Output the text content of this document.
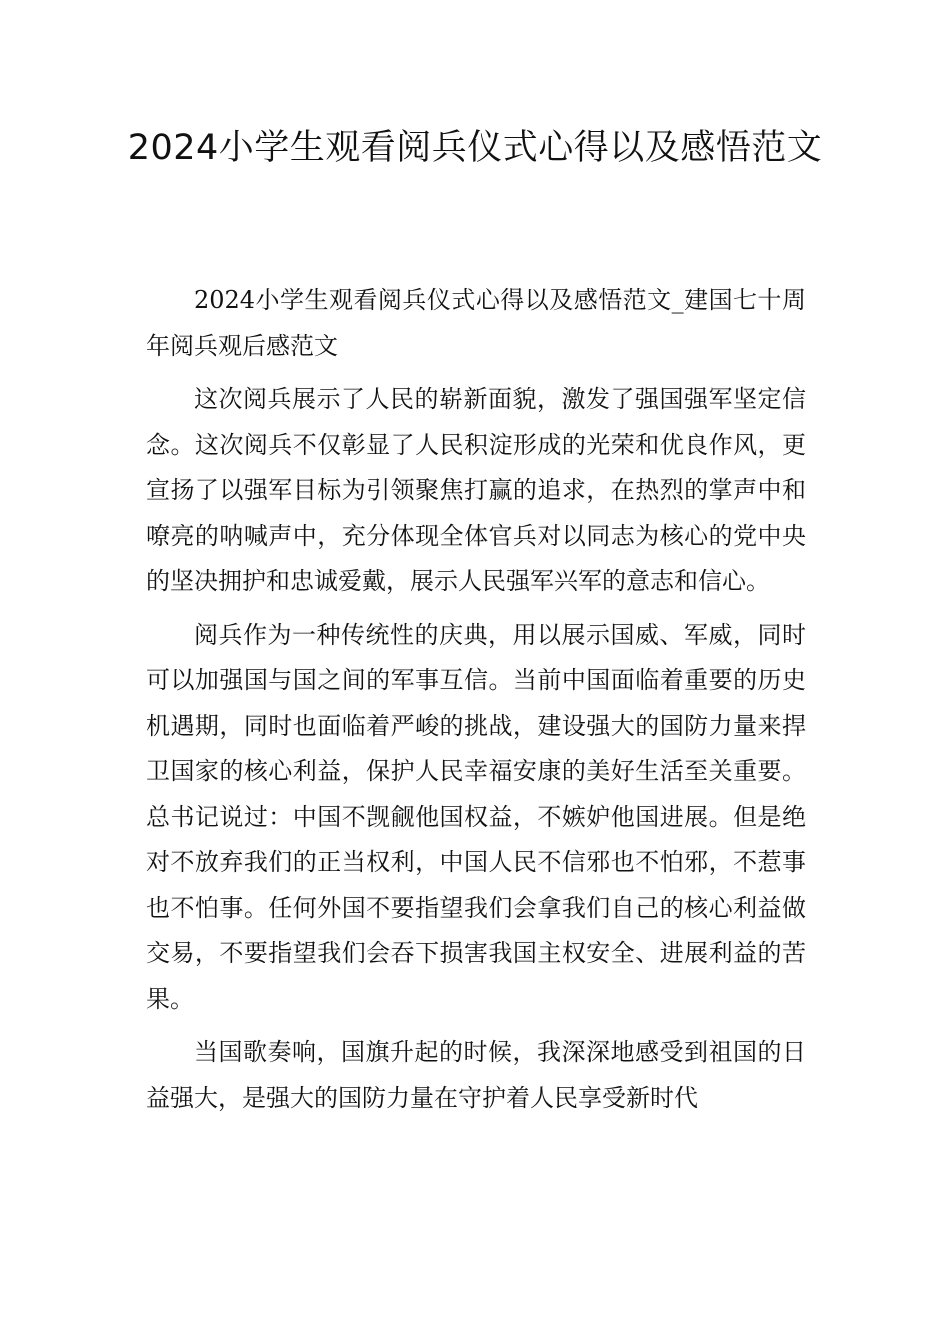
2024小学生观看阅兵仪式心得以及感悟范文

2024小学生观看阅兵仪式心得以及感悟范文_建国七十周年阅兵观后感范文

这次阅兵展示了人民的崭新面貌，激发了强国强军坚定信念。这次阅兵不仅彰显了人民积淀形成的光荣和优良作风，更宣扬了以强军目标为引领聚焦打赢的追求，在热烈的掌声中和嘹亮的呐喊声中，充分体现全体官兵对以同志为核心的党中央的坚决拥护和忠诚爱戴，展示人民强军兴军的意志和信心。

阅兵作为一种传统性的庆典，用以展示国威、军威，同时可以加强国与国之间的军事互信。当前中国面临着重要的历史机遇期，同时也面临着严峻的挑战，建设强大的国防力量来捍卫国家的核心利益，保护人民幸福安康的美好生活至关重要。总书记说过：中国不觊觎他国权益，不嫉妒他国进展。但是绝对不放弃我们的正当权利，中国人民不信邪也不怕邪，不惹事也不怕事。任何外国不要指望我们会拿我们自己的核心利益做交易，不要指望我们会吞下损害我国主权安全、进展利益的苦果。

当国歌奏响，国旗升起的时候，我深深地感受到祖国的日益强大，是强大的国防力量在守护着人民享受新时代
